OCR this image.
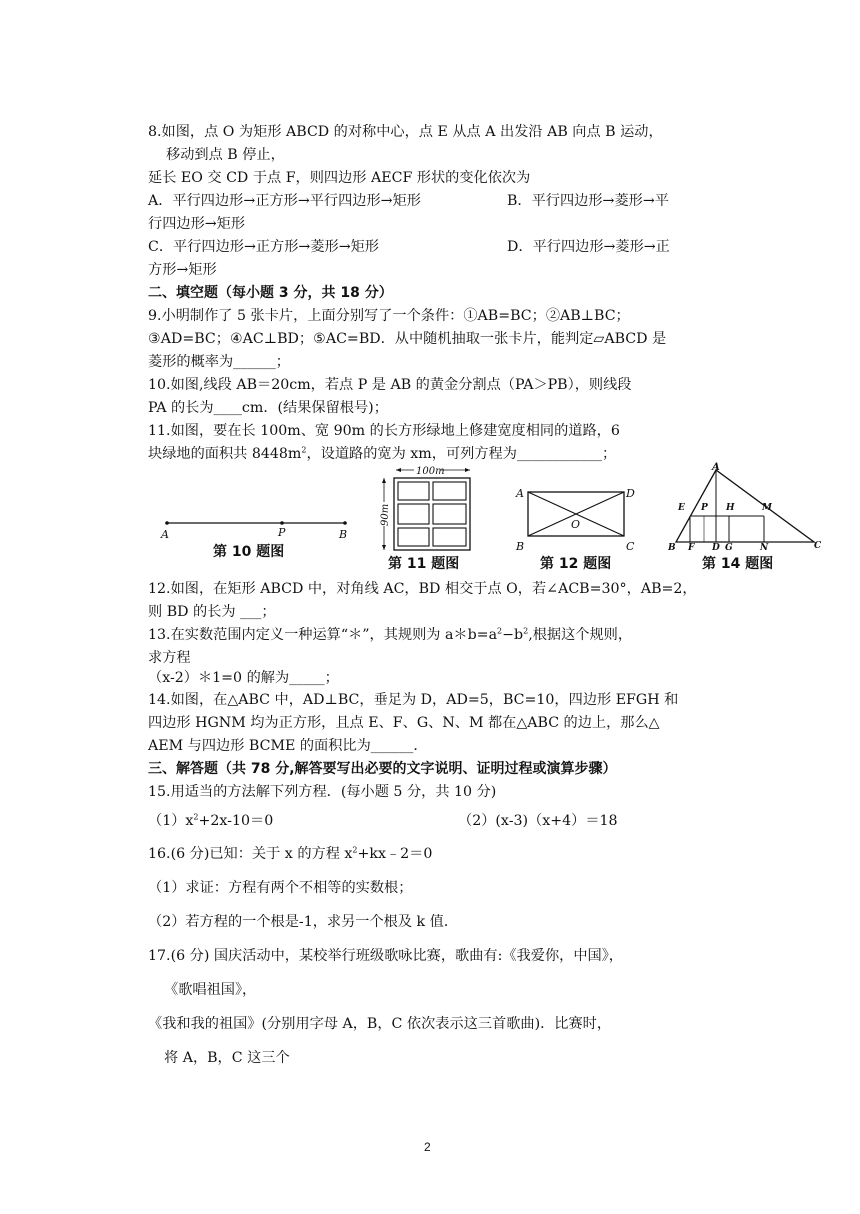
8.如图，点 O 为矩形 ABCD 的对称中心，点 E 从点 A 出发沿 AB 向点 B 运动，
移动到点 B 停止，
延长 EO 交 CD 于点 F，则四边形 AECF 形状的变化依次为
A．平行四边形→正方形→平行四边形→矩形	B．平行四边形→菱形→平
行四边形→矩形
C．平行四边形→正方形→菱形→矩形	D．平行四边形→菱形→正
方形→矩形
二、填空题（每小题 3 分，共 18 分）
9.小明制作了 5 张卡片，上面分别写了一个条件：①AB=BC；②AB⊥BC；
③AD=BC；④AC⊥BD；⑤AC=BD．从中随机抽取一张卡片，能判定▱ABCD 是
菱形的概率为______；
10.如图,线段 AB＝20cm，若点 P 是 AB 的黄金分割点（PA＞PB），则线段
PA 的长为____cm．(结果保留根号)；
11.如图，要在长 100m、宽 90m 的长方形绿地上修建宽度相同的道路，6
块绿地的面积共 $8448m^2$，设道路的宽为 xm，可列方程为____________；
A	P	B
第 10 题图
100m
90m
第 11 题图
A	D
B	C
O
第 12 题图
A
E P H	M
B F D G	N	C
第 14 题图
12.如图，在矩形 ABCD 中，对角线 AC，BD 相交于点 O，若∠ACB=30°，AB=2，
则 BD 的长为 ___；
13.在实数范围内定义一种运算“＊”，其规则为 $a*b=a^2-b^2$,根据这个规则，
求方程
（x-2）＊1=0 的解为_____；
14.如图，在△ABC 中，AD⊥BC，垂足为 D，AD=5，BC=10，四边形 EFGH 和
四边形 HGNM 均为正方形，且点 E、F、G、N、M 都在△ABC 的边上，那么△
AEM 与四边形 BCME 的面积比为______．
三、解答题（共 78 分,解答要写出必要的文字说明、证明过程或演算步骤）
15.用适当的方法解下列方程．(每小题 5 分，共 10 分)
$(1)x^2+2x-10=0$	（2）(x-3)（x+4）＝18
16.(6 分)已知：关于 x 的方程 $x^2+kx﹣2=0$
（1）求证：方程有两个不相等的实数根；
（2）若方程的一个根是-1，求另一个根及 k 值．
17.(6 分) 国庆活动中，某校举行班级歌咏比赛，歌曲有:《我爱你，中国》，
《歌唱祖国》，
《我和我的祖国》(分别用字母 A，B，C 依次表示这三首歌曲)．比赛时，
将 A，B，C 这三个
2
